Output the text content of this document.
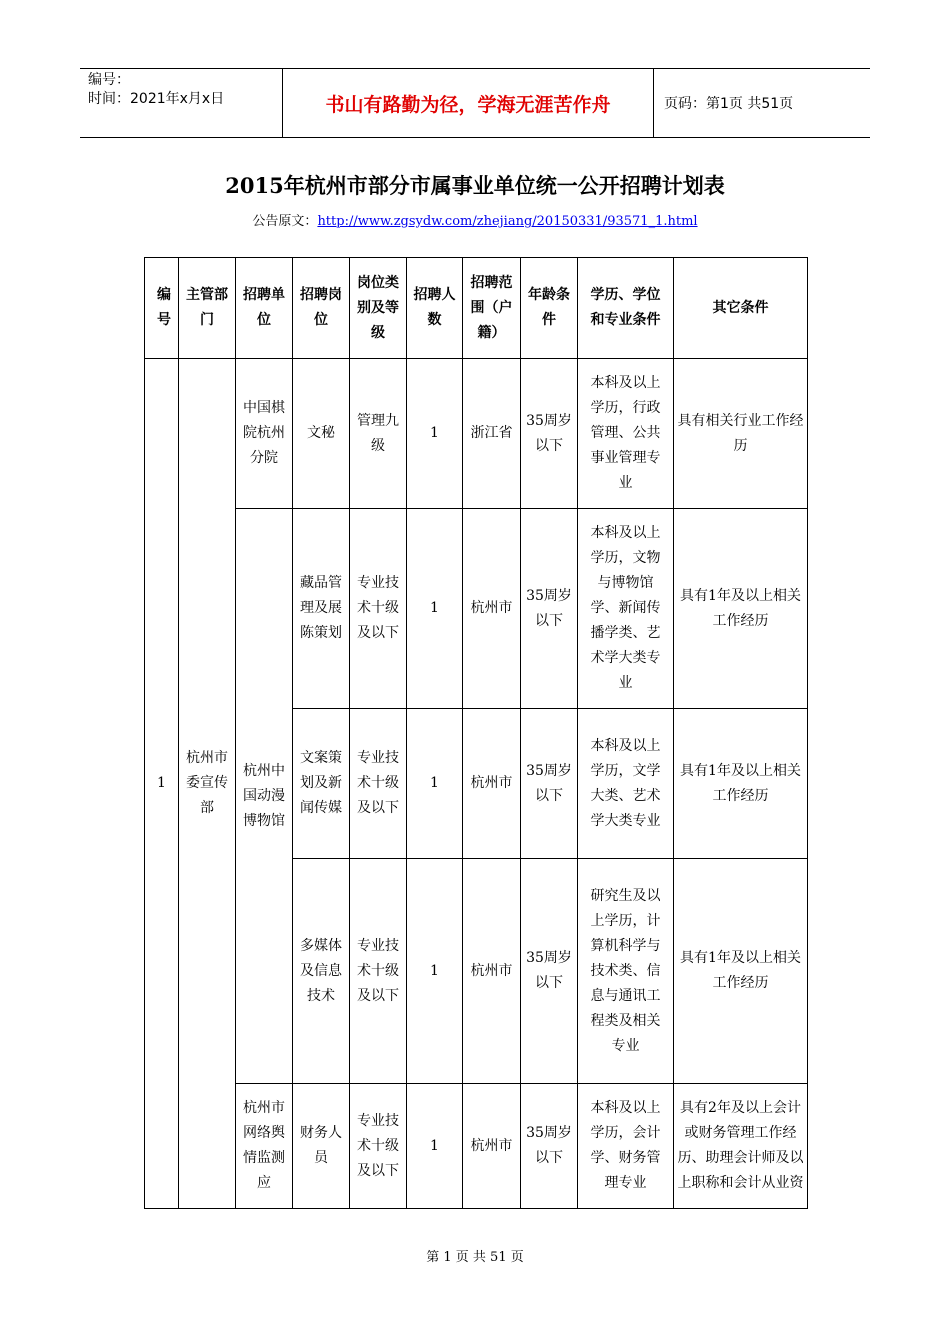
编号：
时间：2021年x月x日	书山有路勤为径，学海无涯苦作舟	页码：第1页 共51页
2015年杭州市部分市属事业单位统一公开招聘计划表
公告原文：http://www.zgsydw.com/zhejiang/20150331/93571_1.html
编号	主管部门	招聘单位	招聘岗位	岗位类别及等级	招聘人数	招聘范围（户籍）	年龄条件	学历、学位和专业条件	其它条件
1	杭州市委宣传部	中国棋院杭州分院	文秘	管理九级	1	浙江省	35周岁以下	本科及以上学历，行政管理、公共事业管理专业	具有相关行业工作经历
		杭州中国动漫博物馆	藏品管理及展陈策划	专业技术十级及以下	1	杭州市	35周岁以下	本科及以上学历，文物与博物馆学、新闻传播学类、艺术学大类专业	具有1年及以上相关工作经历
			文案策划及新闻传媒	专业技术十级及以下	1	杭州市	35周岁以下	本科及以上学历，文学大类、艺术学大类专业	具有1年及以上相关工作经历
			多媒体及信息技术	专业技术十级及以下	1	杭州市	35周岁以下	研究生及以上学历，计算机科学与技术类、信息与通讯工程类及相关专业	具有1年及以上相关工作经历
		杭州市网络舆情监测应	财务人员	专业技术十级及以下	1	杭州市	35周岁以下	本科及以上学历，会计学、财务管理专业	具有2年及以上会计或财务管理工作经历、助理会计师及以上职称和会计从业资
第 1 页 共 51 页
